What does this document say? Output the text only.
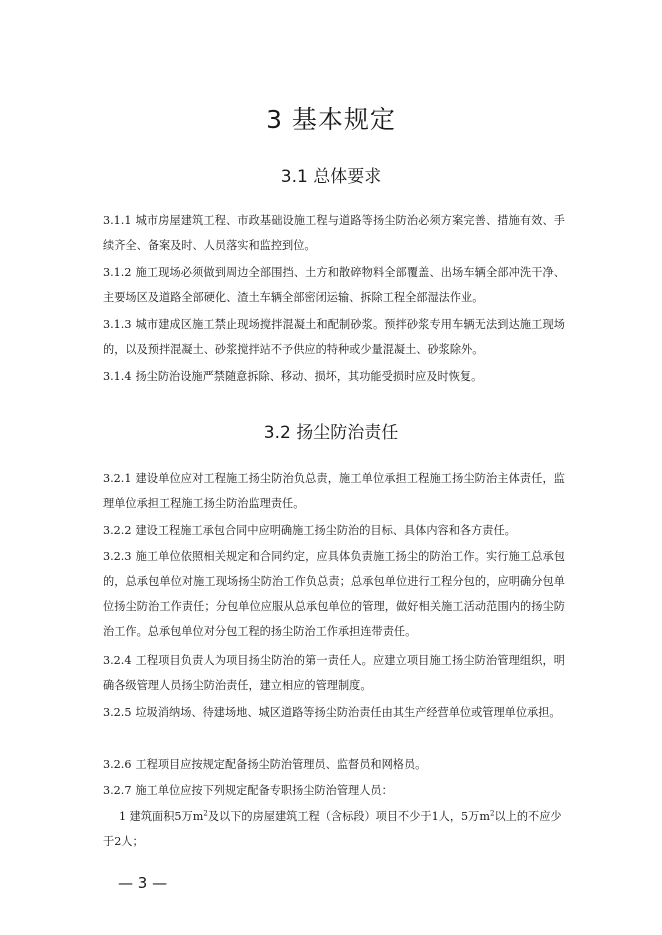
3 基本规定
3.1 总体要求

3.1.1 城市房屋建筑工程、市政基础设施工程与道路等扬尘防治必须方案完善、措施有效、手续齐全、备案及时、人员落实和监控到位。

3.1.2 施工现场必须做到周边全部围挡、土方和散碎物料全部覆盖、出场车辆全部冲洗干净、主要场区及道路全部硬化、渣土车辆全部密闭运输、拆除工程全部湿法作业。

3.1.3 城市建成区施工禁止现场搅拌混凝土和配制砂浆。预拌砂浆专用车辆无法到达施工现场的，以及预拌混凝土、砂浆搅拌站不予供应的特种或少量混凝土、砂浆除外。

3.1.4 扬尘防治设施严禁随意拆除、移动、损坏，其功能受损时应及时恢复。

3.2 扬尘防治责任

3.2.1 建设单位应对工程施工扬尘防治负总责，施工单位承担工程施工扬尘防治主体责任，监理单位承担工程施工扬尘防治监理责任。

3.2.2 建设工程施工承包合同中应明确施工扬尘防治的目标、具体内容和各方责任。

3.2.3 施工单位依照相关规定和合同约定，应具体负责施工扬尘的防治工作。实行施工总承包的，总承包单位对施工现场扬尘防治工作负总责；总承包单位进行工程分包的，应明确分包单位扬尘防治工作责任；分包单位应服从总承包单位的管理，做好相关施工活动范围内的扬尘防治工作。总承包单位对分包工程的扬尘防治工作承担连带责任。

3.2.4 工程项目负责人为项目扬尘防治的第一责任人。应建立项目施工扬尘防治管理组织，明确各级管理人员扬尘防治责任，建立相应的管理制度。

3.2.5 垃圾消纳场、待建场地、城区道路等扬尘防治责任由其生产经营单位或管理单位承担。

3.2.6 工程项目应按规定配备扬尘防治管理员、监督员和网格员。

3.2.7 施工单位应按下列规定配备专职扬尘防治管理人员：

1 建筑面积5万$m^2$及以下的房屋建筑工程（含标段）项目不少于1人，5万$m^2$以上的不应少于2人；

— 3 —
